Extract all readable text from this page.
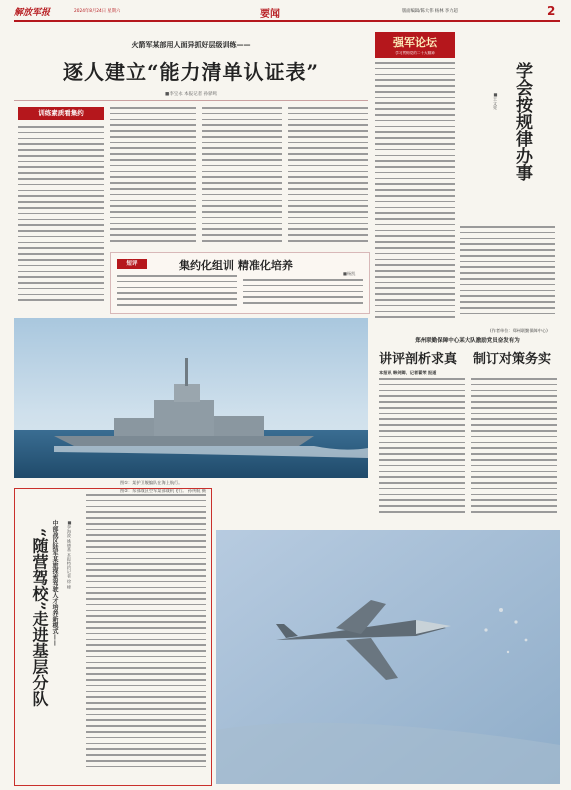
解放军报	2024年8月24日 星期六	要闻	版面编辑/陈大伟 杨林 李力超	2
火箭军某部用人面异抓好层级训练——
逐人建立“能力清单认证表”
■李宝永 本报记者 孙驿鸣
训练素质看集约
短评	集约化组训 精准化培养
■杨凯
强军论坛
学习贯彻党的二十大精神
学会按规律办事
■王文亮
(作者单位：郑州联勤保障中心)
图①：某护卫舰编队在海上航行。
图②：东部战区空军某部战机飞行。 孙传航 摄
郑州联勤保障中心某大队激励党员奋发有为
讲评剖析求真 制订对策务实
本报讯 韩剑卿、记者翟荣 报道
中部战区陆军某旅探索驾驶人才培养新模式——
“随营驾校”走进基层分队	■李海波 姚德基 本报特约记者 徐 峰
